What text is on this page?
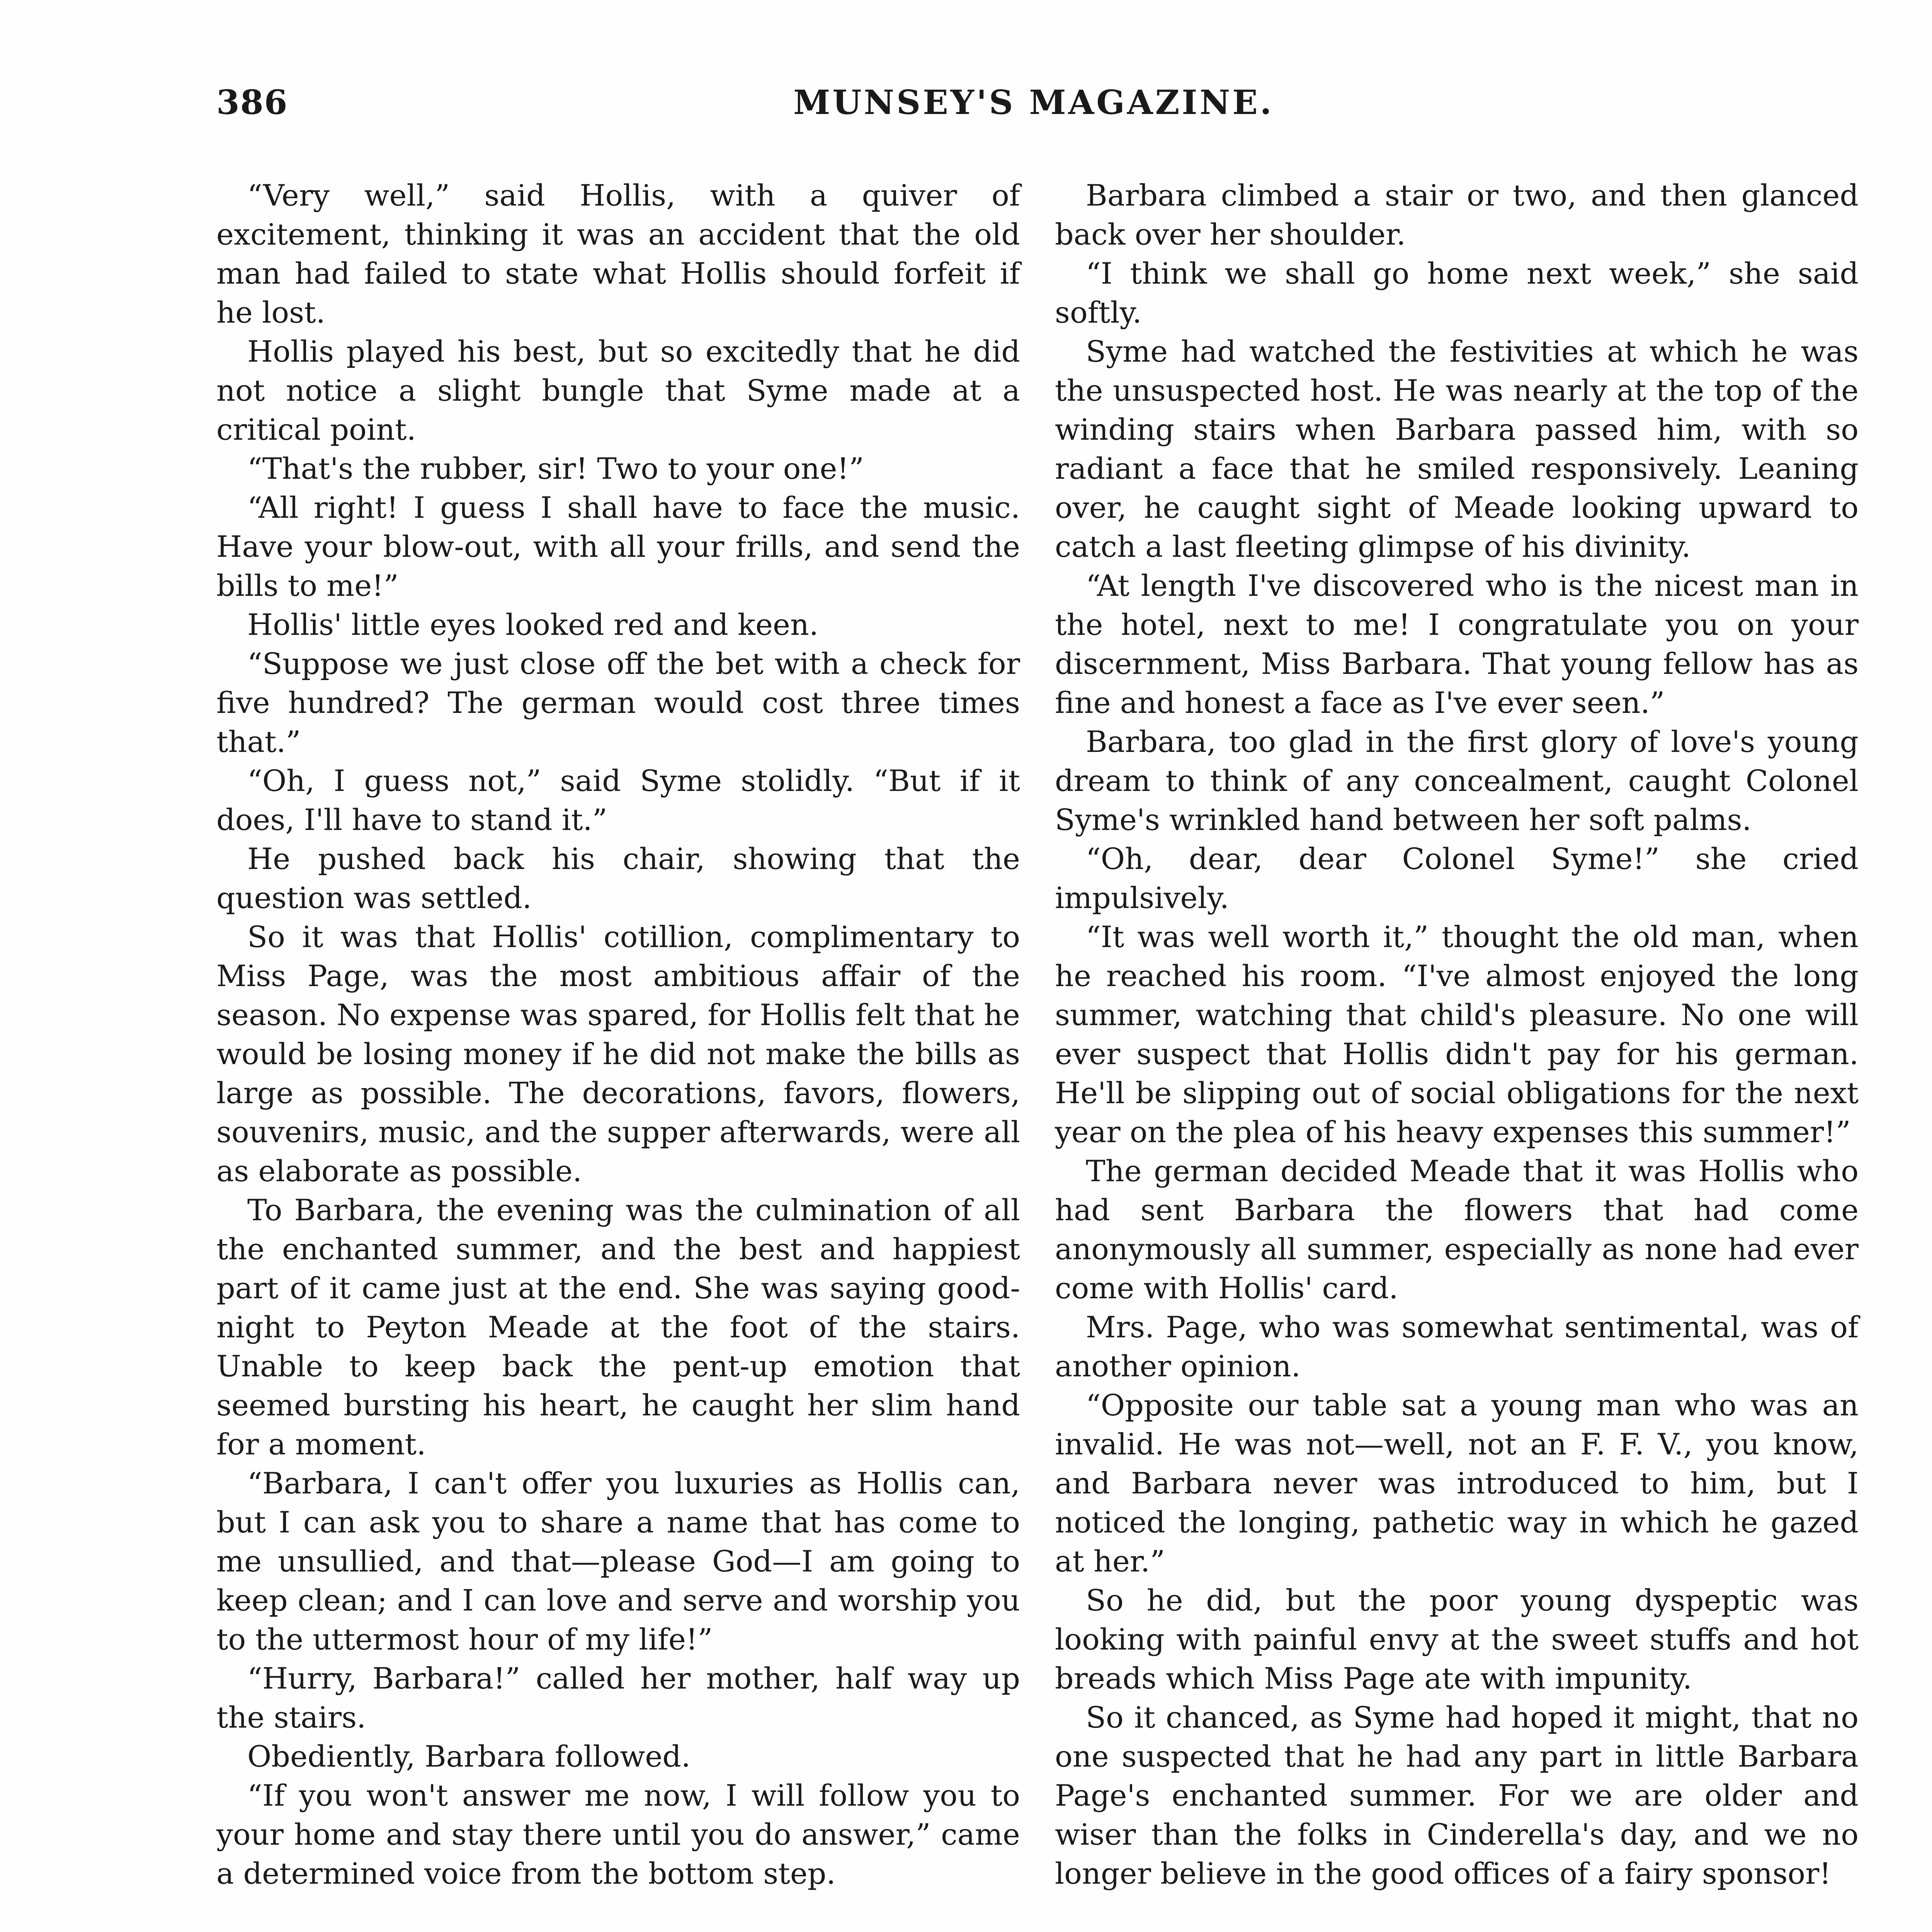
386	MUNSEY'S MAGAZINE.

“Very well,” said Hollis, with a quiver of excitement, thinking it was an accident that the old man had failed to state what Hollis should forfeit if he lost.

Hollis played his best, but so excitedly that he did not notice a slight bungle that Syme made at a critical point.

“That's the rubber, sir! Two to your one!”

“All right! I guess I shall have to face the music. Have your blow-out, with all your frills, and send the bills to me!”

Hollis' little eyes looked red and keen.

“Suppose we just close off the bet with a check for five hundred? The german would cost three times that.”

“Oh, I guess not,” said Syme stolidly. “But if it does, I'll have to stand it.”

He pushed back his chair, showing that the question was settled.

So it was that Hollis' cotillion, complimentary to Miss Page, was the most ambitious affair of the season. No expense was spared, for Hollis felt that he would be losing money if he did not make the bills as large as possible. The decorations, favors, flowers, souvenirs, music, and the supper afterwards, were all as elaborate as possible.

To Barbara, the evening was the culmination of all the enchanted summer, and the best and happiest part of it came just at the end. She was saying good-night to Peyton Meade at the foot of the stairs. Unable to keep back the pent-up emotion that seemed bursting his heart, he caught her slim hand for a moment.

“Barbara, I can't offer you luxuries as Hollis can, but I can ask you to share a name that has come to me unsullied, and that—please God—I am going to keep clean; and I can love and serve and worship you to the uttermost hour of my life!”

“Hurry, Barbara!” called her mother, half way up the stairs.

Obediently, Barbara followed.

“If you won't answer me now, I will follow you to your home and stay there until you do answer,” came a determined voice from the bottom step.

Barbara climbed a stair or two, and then glanced back over her shoulder.

“I think we shall go home next week,” she said softly.

Syme had watched the festivities at which he was the unsuspected host. He was nearly at the top of the winding stairs when Barbara passed him, with so radiant a face that he smiled responsively. Leaning over, he caught sight of Meade looking upward to catch a last fleeting glimpse of his divinity.

“At length I've discovered who is the nicest man in the hotel, next to me! I congratulate you on your discernment, Miss Barbara. That young fellow has as fine and honest a face as I've ever seen.”

Barbara, too glad in the first glory of love's young dream to think of any concealment, caught Colonel Syme's wrinkled hand between her soft palms.

“Oh, dear, dear Colonel Syme!” she cried impulsively.

“It was well worth it,” thought the old man, when he reached his room. “I've almost enjoyed the long summer, watching that child's pleasure. No one will ever suspect that Hollis didn't pay for his german. He'll be slipping out of social obligations for the next year on the plea of his heavy expenses this summer!”

The german decided Meade that it was Hollis who had sent Barbara the flowers that had come anonymously all summer, especially as none had ever come with Hollis' card.

Mrs. Page, who was somewhat sentimental, was of another opinion.

“Opposite our table sat a young man who was an invalid. He was not—well, not an F. F. V., you know, and Barbara never was introduced to him, but I noticed the longing, pathetic way in which he gazed at her.”

So he did, but the poor young dyspeptic was looking with painful envy at the sweet stuffs and hot breads which Miss Page ate with impunity.

So it chanced, as Syme had hoped it might, that no one suspected that he had any part in little Barbara Page's enchanted summer. For we are older and wiser than the folks in Cinderella's day, and we no longer believe in the good offices of a fairy sponsor!
